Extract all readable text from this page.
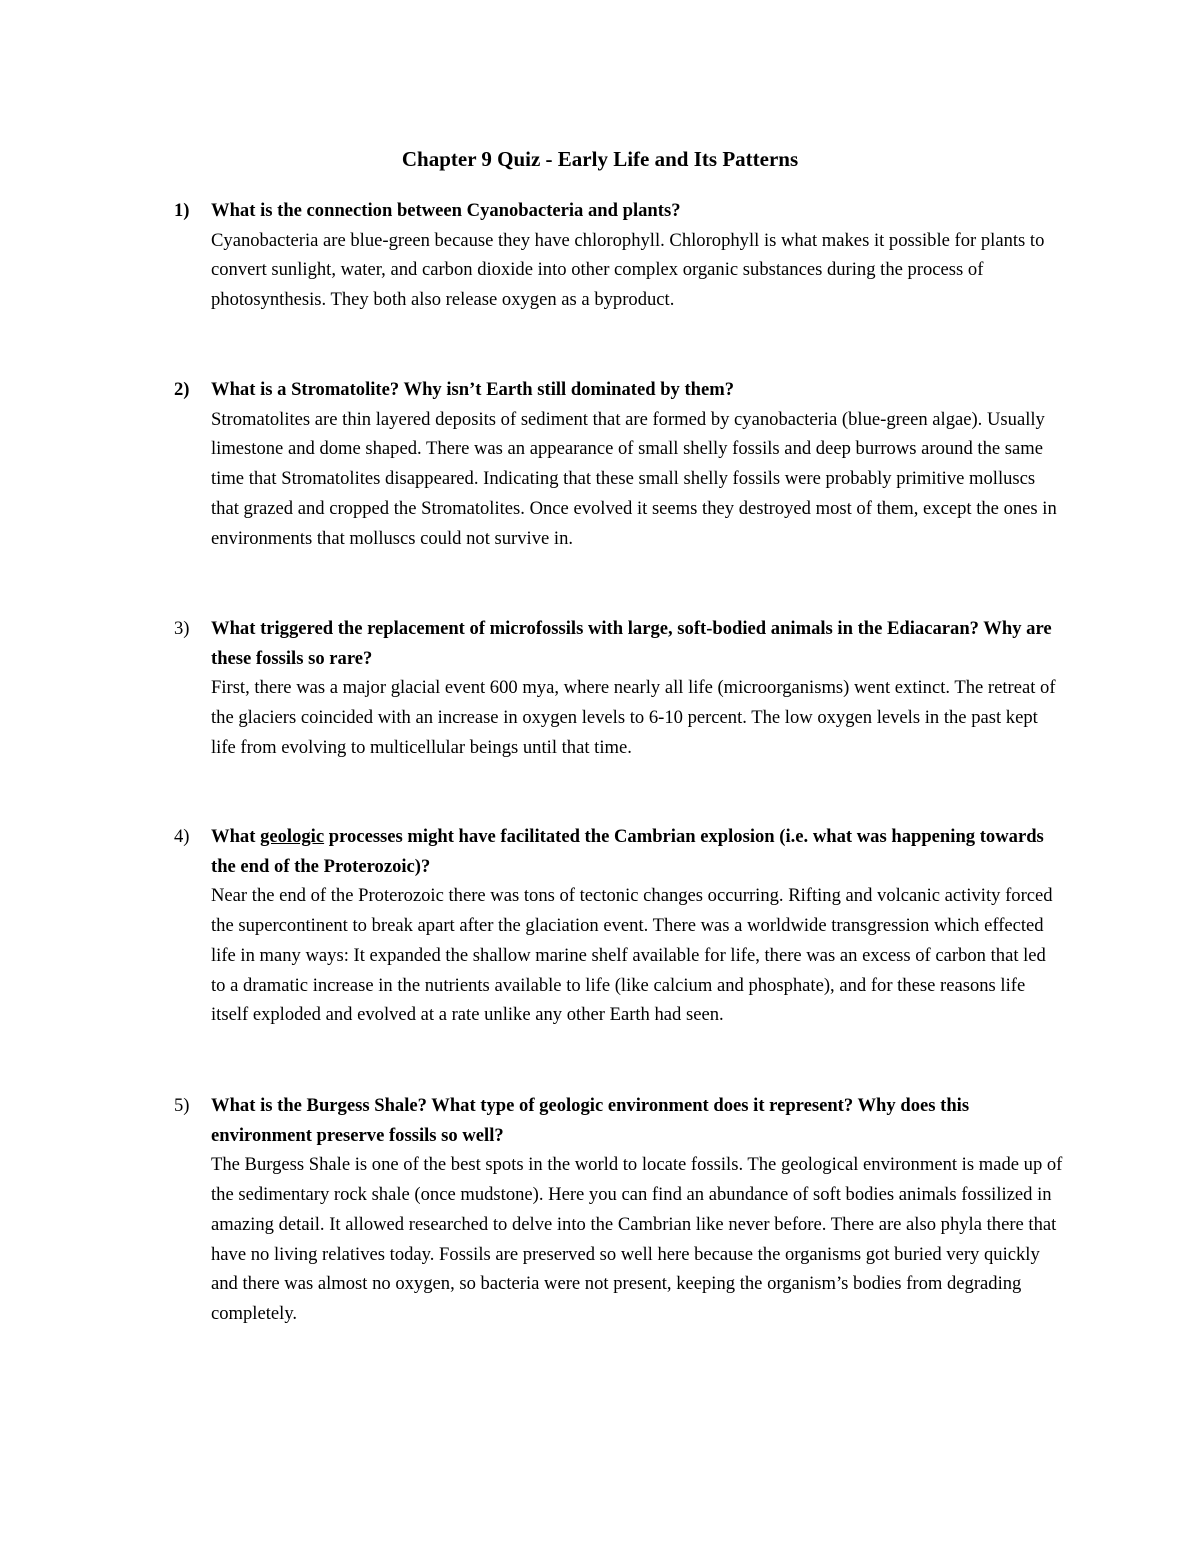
Chapter 9 Quiz - Early Life and Its Patterns
1)	What is the connection between Cyanobacteria and plants?
Cyanobacteria are blue-green because they have chlorophyll. Chlorophyll is what makes it possible for plants to convert sunlight, water, and carbon dioxide into other complex organic substances during the process of photosynthesis. They both also release oxygen as a byproduct.
2)	What is a Stromatolite? Why isn’t Earth still dominated by them?
Stromatolites are thin layered deposits of sediment that are formed by cyanobacteria (blue-green algae). Usually limestone and dome shaped. There was an appearance of small shelly fossils and deep burrows around the same time that Stromatolites disappeared. Indicating that these small shelly fossils were probably primitive molluscs that grazed and cropped the Stromatolites. Once evolved it seems they destroyed most of them, except the ones in environments that molluscs could not survive in.
3)	What triggered the replacement of microfossils with large, soft-bodied animals in the Ediacaran? Why are these fossils so rare?
First, there was a major glacial event 600 mya, where nearly all life (microorganisms) went extinct. The retreat of the glaciers coincided with an increase in oxygen levels to 6-10 percent. The low oxygen levels in the past kept life from evolving to multicellular beings until that time.
4)	What geologic processes might have facilitated the Cambrian explosion (i.e. what was happening towards the end of the Proterozoic)?
Near the end of the Proterozoic there was tons of tectonic changes occurring. Rifting and volcanic activity forced the supercontinent to break apart after the glaciation event. There was a worldwide transgression which effected life in many ways: It expanded the shallow marine shelf available for life, there was an excess of carbon that led to a dramatic increase in the nutrients available to life (like calcium and phosphate), and for these reasons life itself exploded and evolved at a rate unlike any other Earth had seen.
5)	What is the Burgess Shale? What type of geologic environment does it represent? Why does this environment preserve fossils so well?
The Burgess Shale is one of the best spots in the world to locate fossils. The geological environment is made up of the sedimentary rock shale (once mudstone). Here you can find an abundance of soft bodies animals fossilized in amazing detail. It allowed researched to delve into the Cambrian like never before. There are also phyla there that have no living relatives today. Fossils are preserved so well here because the organisms got buried very quickly and there was almost no oxygen, so bacteria were not present, keeping the organism’s bodies from degrading completely.
